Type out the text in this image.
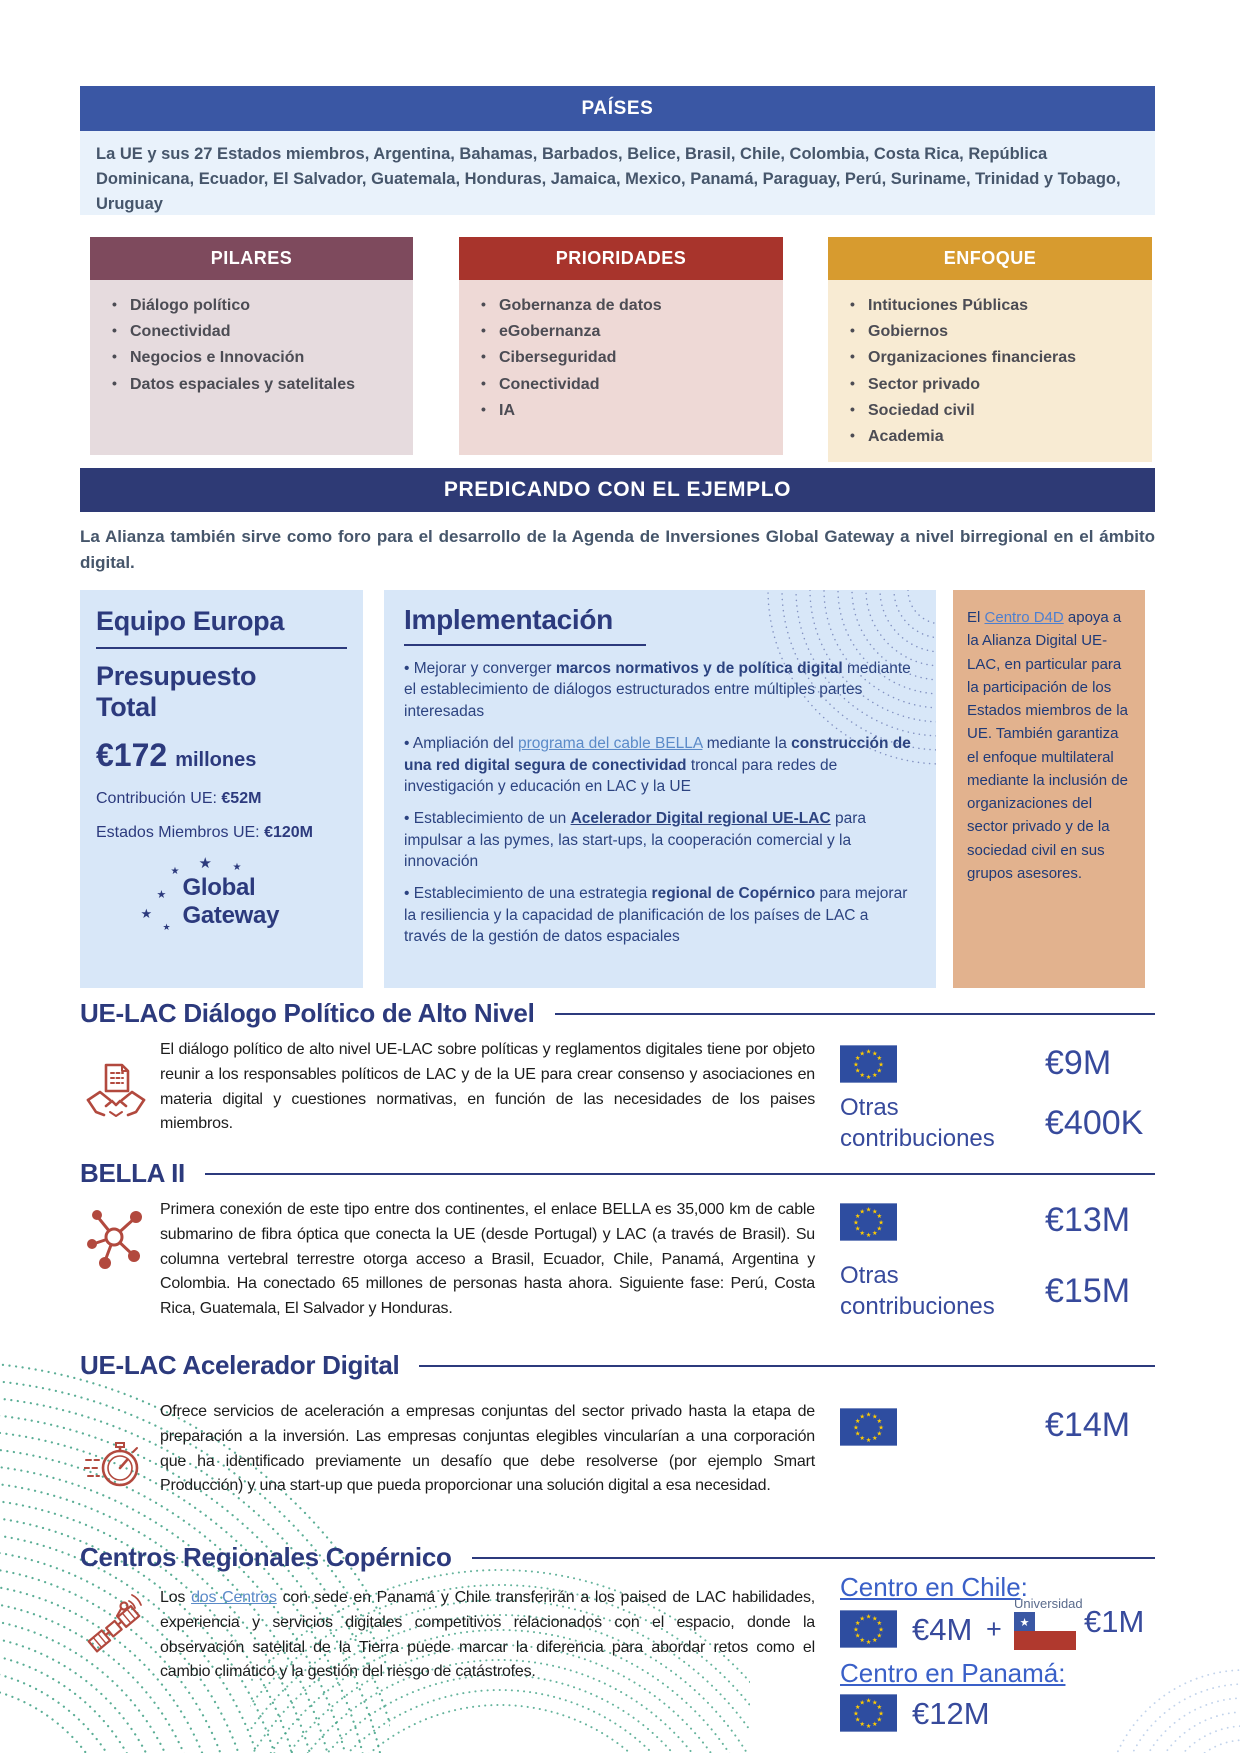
PAÍSES
La UE y sus 27 Estados miembros, Argentina, Bahamas, Barbados, Belice, Brasil, Chile, Colombia, Costa Rica, República Dominicana, Ecuador, El Salvador, Guatemala, Honduras, Jamaica, Mexico, Panamá, Paraguay, Perú, Suriname, Trinidad y Tobago, Uruguay
PILARES
• Diálogo político
• Conectividad
• Negocios e Innovación
• Datos espaciales y satelitales
PRIORIDADES
• Gobernanza de datos
• eGobernanza
• Ciberseguridad
• Conectividad
• IA
ENFOQUE
• Intituciones Públicas
• Gobiernos
• Organizaciones financieras
• Sector privado
• Sociedad civil
• Academia
PREDICANDO CON EL EJEMPLO
La Alianza también sirve como foro para el desarrollo de la Agenda de Inversiones Global Gateway a nivel birregional en el ámbito digital.
Equipo Europa
Presupuesto Total
€172 millones
Contribución UE: €52M
Estados Miembros UE: €120M
★ ★
★
★
★
★
Global
Gateway
Implementación

• Mejorar y converger marcos normativos y de política digital mediante el establecimiento de diálogos estructurados entre múltiples partes interesadas

• Ampliación del programa del cable BELLA mediante la construcción de una red digital segura de conectividad troncal para redes de investigación y educación en LAC y la UE

• Establecimiento de un Acelerador Digital regional UE-LAC para impulsar a las pymes, las start-ups, la cooperación comercial y la innovación

• Establecimiento de una estrategia regional de Copérnico para mejorar la resiliencia y la capacidad de planificación de los países de LAC a través de la gestión de datos espaciales

El Centro D4D apoya a la Alianza Digital UE-LAC, en particular para la participación de los Estados miembros de la UE. También garantiza el enfoque multilateral mediante la inclusión de organizaciones del sector privado y de la sociedad civil en sus grupos asesores.
UE-LAC Diálogo Político de Alto Nivel

El diálogo político de alto nivel UE-LAC sobre políticas y reglamentos digitales tiene por objeto reunir a los responsables políticos de LAC y de la UE para crear consenso y asociaciones en materia digital y cuestiones normativas, en función de las necesidades de los paises miembros.

€9M
Otras contribuciones	€400K
BELLA II

Primera conexión de este tipo entre dos continentes, el enlace BELLA es 35,000 km de cable submarino de fibra óptica que conecta la UE (desde Portugal) y LAC (a través de Brasil). Su columna vertebral terrestre otorga acceso a Brasil, Ecuador, Chile, Panamá, Argentina y Colombia. Ha conectado 65 millones de personas hasta ahora. Siguiente fase: Perú, Costa Rica, Guatemala, El Salvador y Honduras.

€13M
Otras contribuciones	€15M
UE-LAC Acelerador Digital

Ofrece servicios de aceleración a empresas conjuntas del sector privado hasta la etapa de preparación a la inversión. Las empresas conjuntas elegibles vincularían a una corporación que ha identificado previamente un desafío que debe resolverse (por ejemplo Smart Producción) y una start-up que pueda proporcionar una solución digital a esa necesidad.

€14M
Centros Regionales Copérnico

Los dos Centros con sede en Panamá y Chile transferirán a los paised de LAC habilidades, experiencia y servicios digitales competitivos relacionados con el espacio, donde la observación satelital de la Tierra puede marcar la diferencia para abordar retos como el cambio climático y la gestión del riesgo de catástrofes.

Centro en Chile:
€4M +
Universidad
★ €1M
Centro en Panamá:
€12M
